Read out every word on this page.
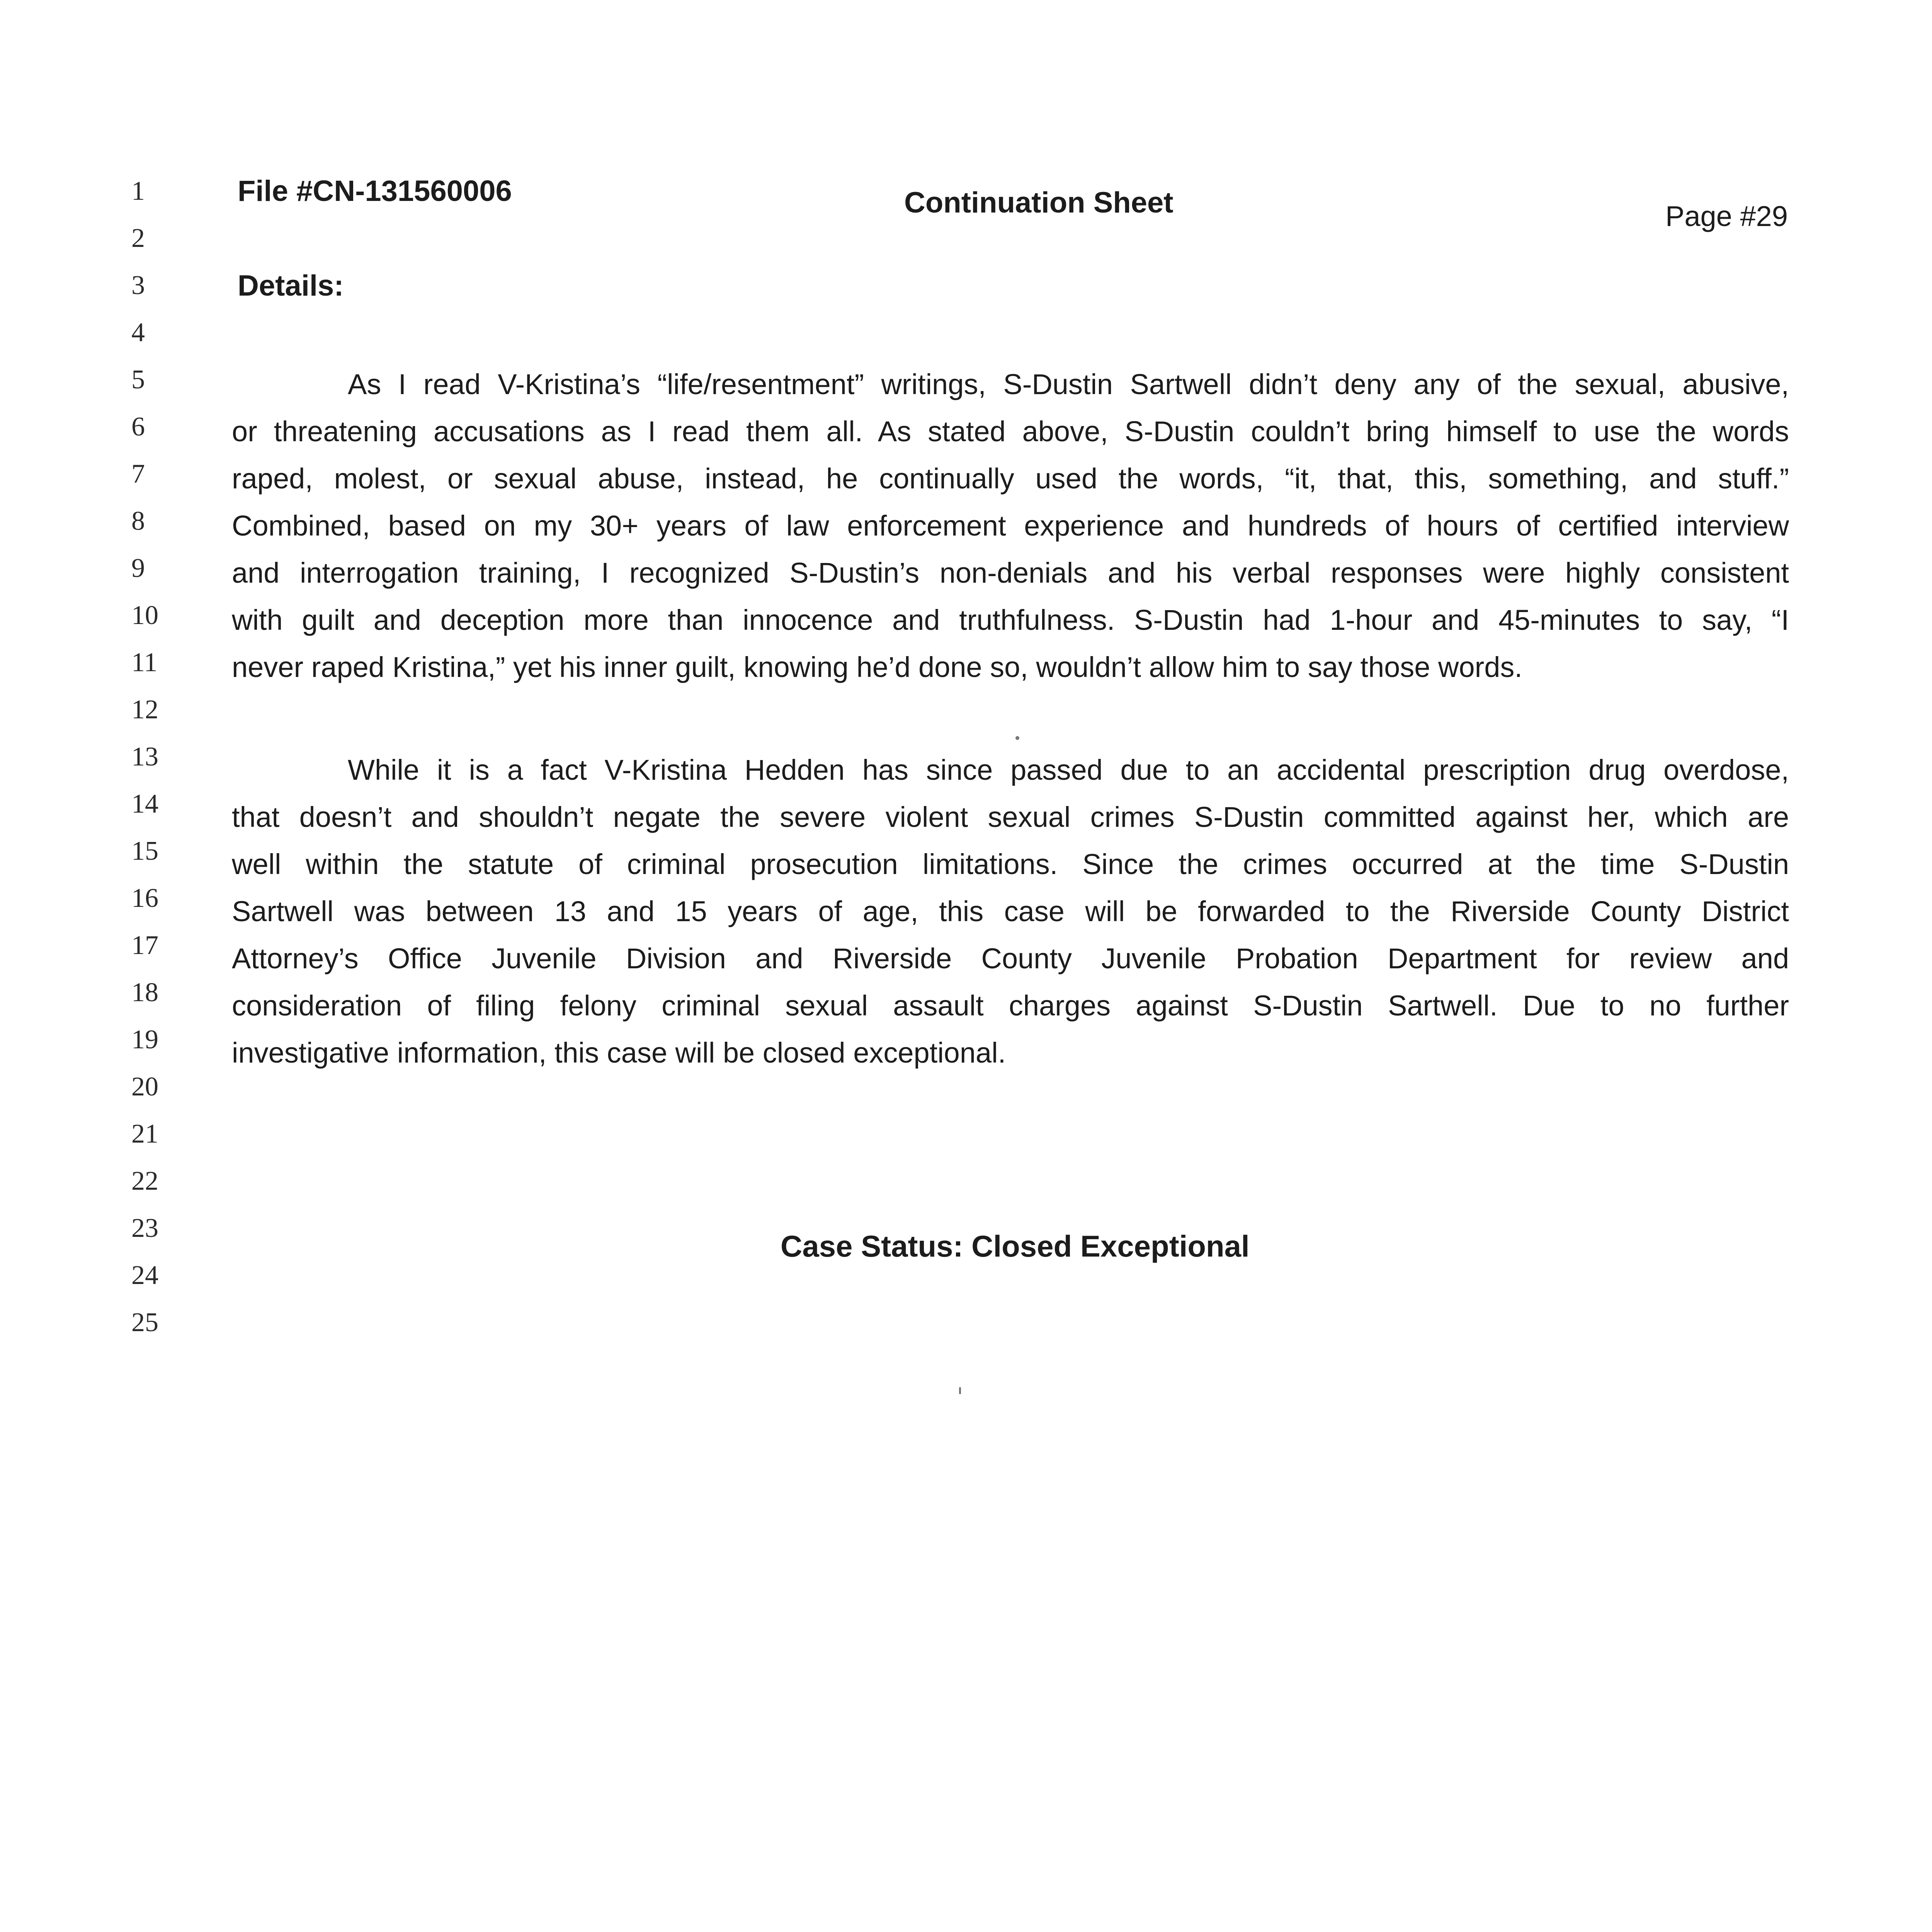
1
2
3
4
5
6
7
8
9
10
11
12
13
14
15
16
17
18
19
20
21
22
23
24
25
File #CN-131560006	Continuation Sheet	Page #29
Details:
As I read V-Kristina’s “life/resentment” writings, S-Dustin Sartwell didn’t deny any of the sexual, abusive,
or threatening accusations as I read them all. As stated above, S-Dustin couldn’t bring himself to use the words
raped, molest, or sexual abuse, instead, he continually used the words, “it, that, this, something, and stuff.”
Combined, based on my 30+ years of law enforcement experience and hundreds of hours of certified interview
and interrogation training, I recognized S-Dustin’s non-denials and his verbal responses were highly consistent
with guilt and deception more than innocence and truthfulness. S-Dustin had 1-hour and 45-minutes to say, “I
never raped Kristina,” yet his inner guilt, knowing he’d done so, wouldn’t allow him to say those words.
While it is a fact V-Kristina Hedden has since passed due to an accidental prescription drug overdose,
that doesn’t and shouldn’t negate the severe violent sexual crimes S-Dustin committed against her, which are
well within the statute of criminal prosecution limitations. Since the crimes occurred at the time S-Dustin
Sartwell was between 13 and 15 years of age, this case will be forwarded to the Riverside County District
Attorney’s Office Juvenile Division and Riverside County Juvenile Probation Department for review and
consideration of filing felony criminal sexual assault charges against S-Dustin Sartwell. Due to no further
investigative information, this case will be closed exceptional.
Case Status: Closed Exceptional
